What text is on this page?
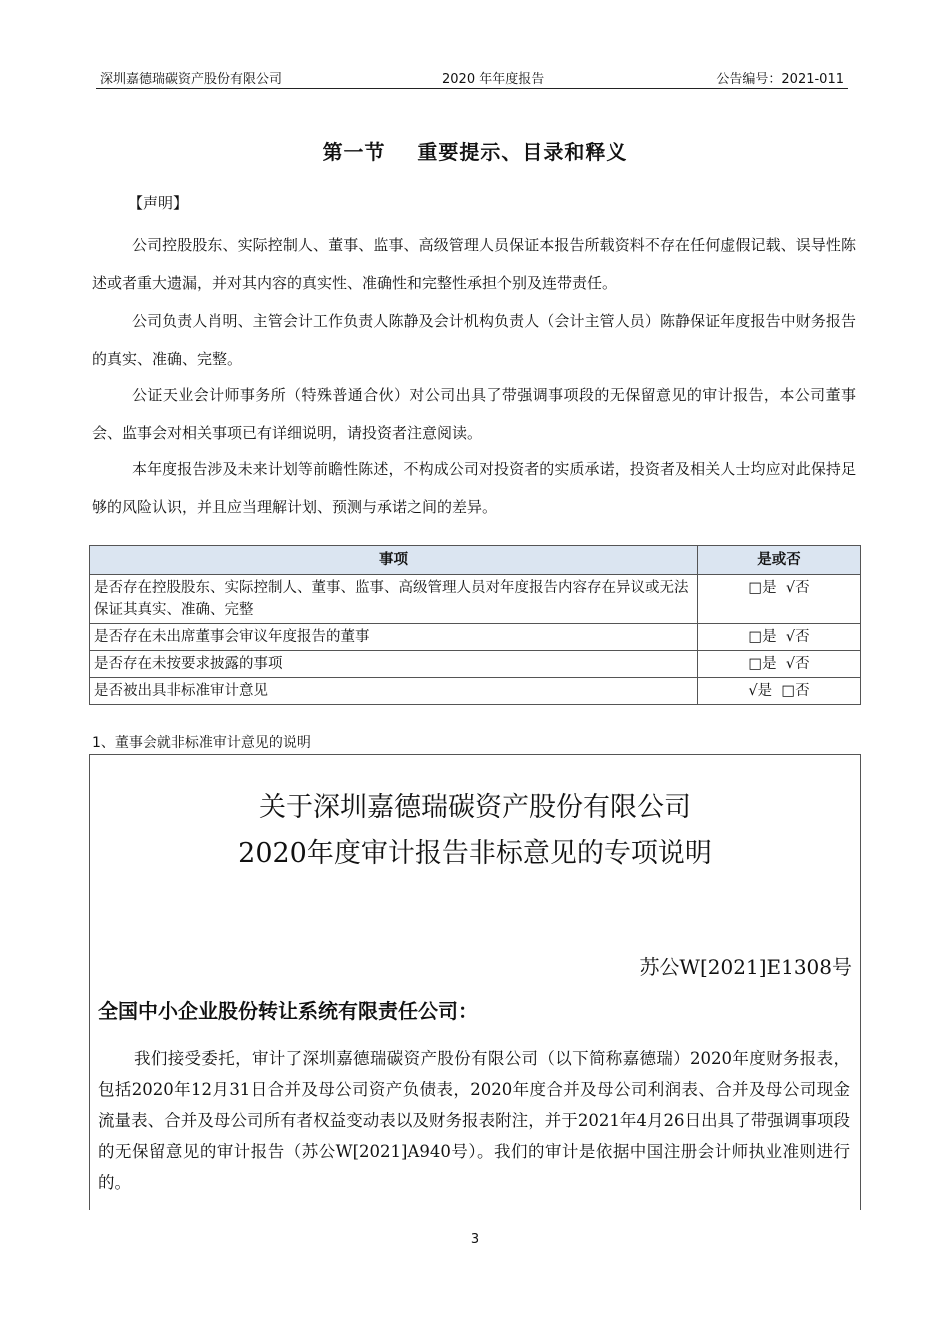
深圳嘉德瑞碳资产股份有限公司	2020 年年度报告	公告编号：2021-011
第一节    重要提示、目录和释义
【声明】
公司控股股东、实际控制人、董事、监事、高级管理人员保证本报告所载资料不存在任何虚假记载、误导性陈述或者重大遗漏，并对其内容的真实性、准确性和完整性承担个别及连带责任。
公司负责人肖明、主管会计工作负责人陈静及会计机构负责人（会计主管人员）陈静保证年度报告中财务报告的真实、准确、完整。
公证天业会计师事务所（特殊普通合伙）对公司出具了带强调事项段的无保留意见的审计报告，本公司董事会、监事会对相关事项已有详细说明，请投资者注意阅读。
本年度报告涉及未来计划等前瞻性陈述，不构成公司对投资者的实质承诺，投资者及相关人士均应对此保持足够的风险认识，并且应当理解计划、预测与承诺之间的差异。
事项	是或否
是否存在控股股东、实际控制人、董事、监事、高级管理人员对年度报告内容存在异议或无法保证其真实、准确、完整	□是  √否
是否存在未出席董事会审议年度报告的董事	□是  √否
是否存在未按要求披露的事项	□是  √否
是否被出具非标准审计意见	√是  □否
1、董事会就非标准审计意见的说明
关于深圳嘉德瑞碳资产股份有限公司
2020年度审计报告非标意见的专项说明
苏公W[2021]E1308号
全国中小企业股份转让系统有限责任公司：
我们接受委托，审计了深圳嘉德瑞碳资产股份有限公司（以下简称嘉德瑞）2020年度财务报表，包括2020年12月31日合并及母公司资产负债表，2020年度合并及母公司利润表、合并及母公司现金流量表、合并及母公司所有者权益变动表以及财务报表附注，并于2021年4月26日出具了带强调事项段的无保留意见的审计报告（苏公W[2021]A940号）。我们的审计是依据中国注册会计师执业准则进行的。
3
